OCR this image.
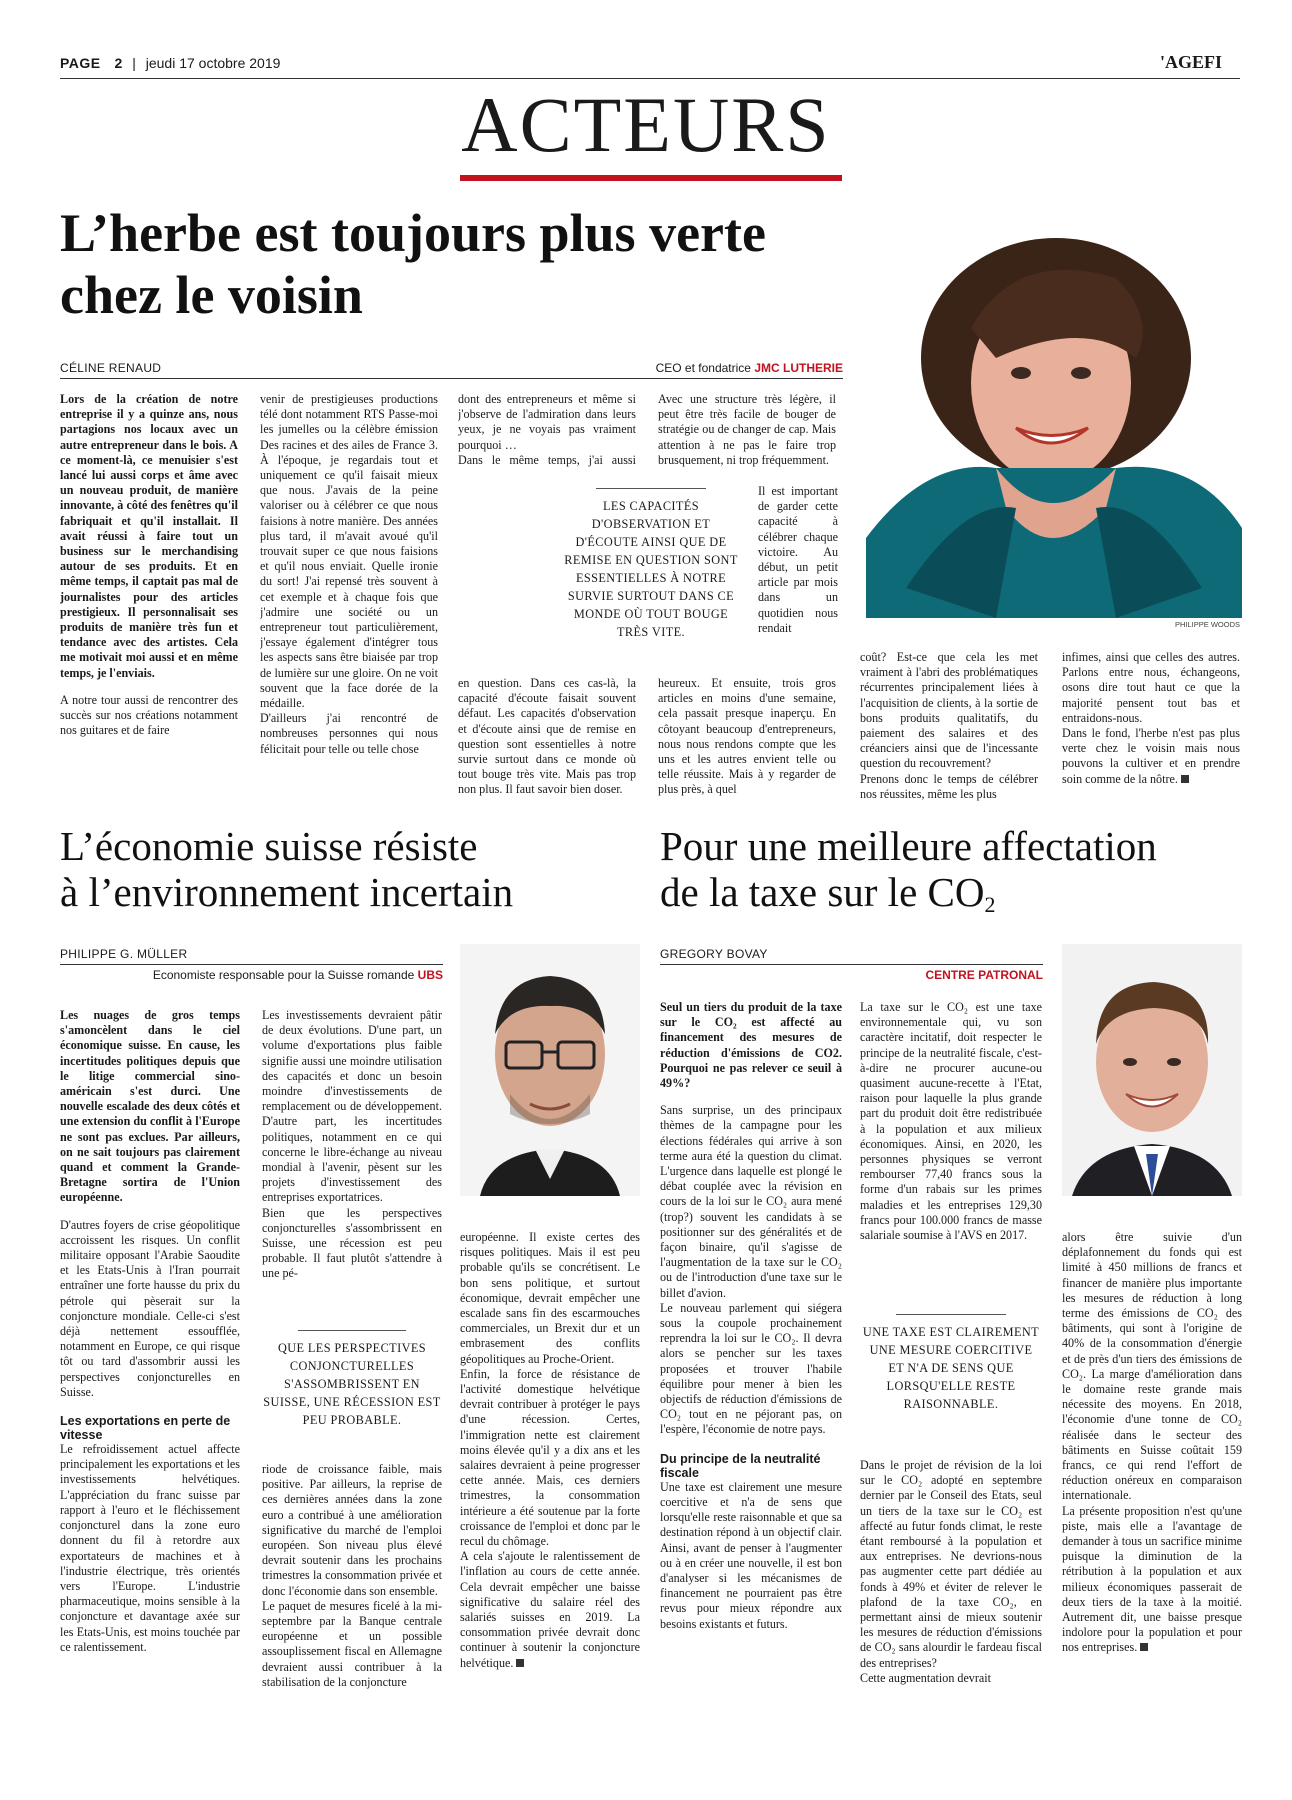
PAGE 2 | jeudi 17 octobre 2019	'AGEFI
ACTEURS
L’herbe est toujours plus verte
chez le voisin
PHILIPPE WOODS
CÉLINE RENAUD	CEO et fondatrice JMC LUTHERIE

Lors de la création de notre entreprise il y a quinze ans, nous partagions nos locaux avec un autre entrepreneur dans le bois. A ce moment-là, ce menuisier s'est lancé lui aussi corps et âme avec un nouveau produit, de manière innovante, à côté des fenêtres qu'il fabriquait et qu'il installait. Il avait réussi à faire tout un business sur le merchandising autour de ses produits. Et en même temps, il captait pas mal de journalistes pour des articles prestigieux. Il personnalisait ses produits de manière très fun et tendance avec des artistes. Cela me motivait moi aussi et en même temps, je l'enviais.

A notre tour aussi de rencontrer des succès sur nos créations notamment nos guitares et de faire

venir de prestigieuses productions télé dont notamment RTS Passe-moi les jumelles ou la célèbre émission Des racines et des ailes de France 3. À l'époque, je regardais tout et uniquement ce qu'il faisait mieux que nous. J'avais de la peine valoriser ou à célébrer ce que nous faisions à notre manière. Des années plus tard, il m'avait avoué qu'il trouvait super ce que nous faisions et qu'il nous enviait. Quelle ironie du sort! J'ai repensé très souvent à cet exemple et à chaque fois que j'admire une société ou un entrepreneur tout particulièrement, j'essaye également d'intégrer tous les aspects sans être biaisée par trop de lumière sur une gloire. On ne voit souvent que la face dorée de la médaille.

D'ailleurs j'ai rencontré de nombreuses personnes qui nous félicitait pour telle ou telle chose

dont des entrepreneurs et même si j'observe de l'admiration dans leurs yeux, je ne voyais pas vraiment pourquoi …

Dans le même temps, j'ai aussi

LES CAPACITÉS D'OBSERVATION ET D'ÉCOUTE AINSI QUE DE REMISE EN QUESTION SONT ESSENTIELLES À NOTRE SURVIE SURTOUT DANS CE MONDE OÙ TOUT BOUGE TRÈS VITE.

en question. Dans ces cas-là, la capacité d'écoute faisait souvent défaut. Les capacités d'observation et d'écoute ainsi que de remise en question sont essentielles à notre survie surtout dans ce monde où tout bouge très vite. Mais pas trop non plus. Il faut savoir bien doser.

Avec une structure très légère, il peut être très facile de bouger de stratégie ou de changer de cap. Mais attention à ne pas le faire trop brusquement, ni trop fréquemment.

Il est important de garder cette capacité à célébrer chaque victoire. Au début, un petit article par mois dans un quotidien nous rendait

heureux. Et ensuite, trois gros articles en moins d'une semaine, cela passait presque inaperçu. En côtoyant beaucoup d'entrepreneurs, nous nous rendons compte que les uns et les autres envient telle ou telle réussite. Mais à y regarder de plus près, à quel

coût? Est-ce que cela les met vraiment à l'abri des problématiques récurrentes principalement liées à l'acquisition de clients, à la sortie de bons produits qualitatifs, du paiement des salaires et des créanciers ainsi que de l'incessante question du recouvrement?

Prenons donc le temps de célébrer nos réussites, même les plus

infimes, ainsi que celles des autres. Parlons entre nous, échangeons, osons dire tout haut ce que la majorité pensent tout bas et entraidons-nous.

Dans le fond, l'herbe n'est pas plus verte chez le voisin mais nous pouvons la cultiver et en prendre soin comme de la nôtre.

L’économie suisse résiste
à l’environnement incertain
PHILIPPE G. MÜLLER
Economiste responsable pour la Suisse romande UBS

Les nuages de gros temps s'amoncèlent dans le ciel économique suisse. En cause, les incertitudes politiques depuis que le litige commercial sino-américain s'est durci. Une nouvelle escalade des deux côtés et une extension du conflit à l'Europe ne sont pas exclues. Par ailleurs, on ne sait toujours pas clairement quand et comment la Grande-Bretagne sortira de l'Union européenne.

D'autres foyers de crise géopolitique accroissent les risques. Un conflit militaire opposant l'Arabie Saoudite et les Etats-Unis à l'Iran pourrait entraîner une forte hausse du prix du pétrole qui pèserait sur la conjoncture mondiale. Celle-ci s'est déjà nettement essoufflée, notamment en Europe, ce qui risque tôt ou tard d'assombrir aussi les perspectives conjoncturelles en Suisse.

Les exportations en perte de vitesse

Le refroidissement actuel affecte principalement les exportations et les investissements helvétiques. L'appréciation du franc suisse par rapport à l'euro et le fléchissement conjoncturel dans la zone euro donnent du fil à retordre aux exportateurs de machines et à l'industrie électrique, très orientés vers l'Europe. L'industrie pharmaceutique, moins sensible à la conjoncture et davantage axée sur les Etats-Unis, est moins touchée par ce ralentissement.

Les investissements devraient pâtir de deux évolutions. D'une part, un volume d'exportations plus faible signifie aussi une moindre utilisation des capacités et donc un besoin moindre d'investissements de remplacement ou de développement. D'autre part, les incertitudes politiques, notamment en ce qui concerne le libre-échange au niveau mondial à l'avenir, pèsent sur les projets d'investissement des entreprises exportatrices.

Bien que les perspectives conjoncturelles s'assombrissent en Suisse, une récession est peu probable. Il faut plutôt s'attendre à une pé-

QUE LES PERSPECTIVES CONJONCTURELLES S'ASSOMBRISSENT EN SUISSE, UNE RÉCESSION EST PEU PROBABLE.

riode de croissance faible, mais positive. Par ailleurs, la reprise de ces dernières années dans la zone euro a contribué à une amélioration significative du marché de l'emploi européen. Son niveau plus élevé devrait soutenir dans les prochains trimestres la consommation privée et donc l'économie dans son ensemble.

Le paquet de mesures ficelé à la mi-septembre par la Banque centrale européenne et un possible assouplissement fiscal en Allemagne devraient aussi contribuer à la stabilisation de la conjoncture

européenne. Il existe certes des risques politiques. Mais il est peu probable qu'ils se concrétisent. Le bon sens politique, et surtout économique, devrait empêcher une escalade sans fin des escarmouches commerciales, un Brexit dur et un embrasement des conflits géopolitiques au Proche-Orient.

Enfin, la force de résistance de l'activité domestique helvétique devrait contribuer à protéger le pays d'une récession. Certes, l'immigration nette est clairement moins élevée qu'il y a dix ans et les salaires devraient à peine progresser cette année. Mais, ces derniers trimestres, la consommation intérieure a été soutenue par la forte croissance de l'emploi et donc par le recul du chômage.

A cela s'ajoute le ralentissement de l'inflation au cours de cette année. Cela devrait empêcher une baisse significative du salaire réel des salariés suisses en 2019. La consommation privée devrait donc continuer à soutenir la conjoncture helvétique.

Pour une meilleure affectation
de la taxe sur le CO2
GREGORY BOVAY
CENTRE PATRONAL

Seul un tiers du produit de la taxe sur le CO₂ est affecté au financement des mesures de réduction d'émissions de CO2. Pourquoi ne pas relever ce seuil à 49%?

Sans surprise, un des principaux thèmes de la campagne pour les élections fédérales qui arrive à son terme aura été la question du climat. L'urgence dans laquelle est plongé le débat couplée avec la révision en cours de la loi sur le CO₂ aura mené (trop?) souvent les candidats à se positionner sur des généralités et de façon binaire, qu'il s'agisse de l'augmentation de la taxe sur le CO₂ ou de l'introduction d'une taxe sur le billet d'avion.

Le nouveau parlement qui siégera sous la coupole prochainement reprendra la loi sur le CO₂. Il devra alors se pencher sur les taxes proposées et trouver l'habile équilibre pour mener à bien les objectifs de réduction d'émissions de CO₂ tout en ne péjorant pas, on l'espère, l'économie de notre pays.

Du principe de la neutralité fiscale

Une taxe est clairement une mesure coercitive et n'a de sens que lorsqu'elle reste raisonnable et que sa destination répond à un objectif clair. Ainsi, avant de penser à l'augmenter ou à en créer une nouvelle, il est bon d'analyser si les mécanismes de financement ne pourraient pas être revus pour mieux répondre aux besoins existants et futurs.

La taxe sur le CO₂ est une taxe environnementale qui, vu son caractère incitatif, doit respecter le principe de la neutralité fiscale, c'est-à-dire ne procurer aucune-ou quasiment aucune-recette à l'Etat, raison pour laquelle la plus grande part du produit doit être redistribuée à la population et aux milieux économiques. Ainsi, en 2020, les personnes physiques se verront rembourser 77,40 francs sous la forme d'un rabais sur les primes maladies et les entreprises 129,30 francs pour 100.000 francs de masse salariale soumise à l'AVS en 2017.

UNE TAXE EST CLAIREMENT UNE MESURE COERCITIVE ET N'A DE SENS QUE LORSQU'ELLE RESTE RAISONNABLE.

Dans le projet de révision de la loi sur le CO₂ adopté en septembre dernier par le Conseil des Etats, seul un tiers de la taxe sur le CO₂ est affecté au futur fonds climat, le reste étant remboursé à la population et aux entreprises. Ne devrions-nous pas augmenter cette part dédiée au fonds à 49% et éviter de relever le plafond de la taxe CO₂, en permettant ainsi de mieux soutenir les mesures de réduction d'émissions de CO₂ sans alourdir le fardeau fiscal des entreprises?

Cette augmentation devrait

alors être suivie d'un déplafonnement du fonds qui est limité à 450 millions de francs et financer de manière plus importante les mesures de réduction à long terme des émissions de CO₂ des bâtiments, qui sont à l'origine de 40% de la consommation d'énergie et de près d'un tiers des émissions de CO₂. La marge d'amélioration dans le domaine reste grande mais nécessite des moyens. En 2018, l'économie d'une tonne de CO₂ réalisée dans le secteur des bâtiments en Suisse coûtait 159 francs, ce qui rend l'effort de réduction onéreux en comparaison internationale.

La présente proposition n'est qu'une piste, mais elle a l'avantage de demander à tous un sacrifice minime puisque la diminution de la rétribution à la population et aux milieux économiques passerait de deux tiers de la taxe à la moitié. Autrement dit, une baisse presque indolore pour la population et pour nos entreprises.
